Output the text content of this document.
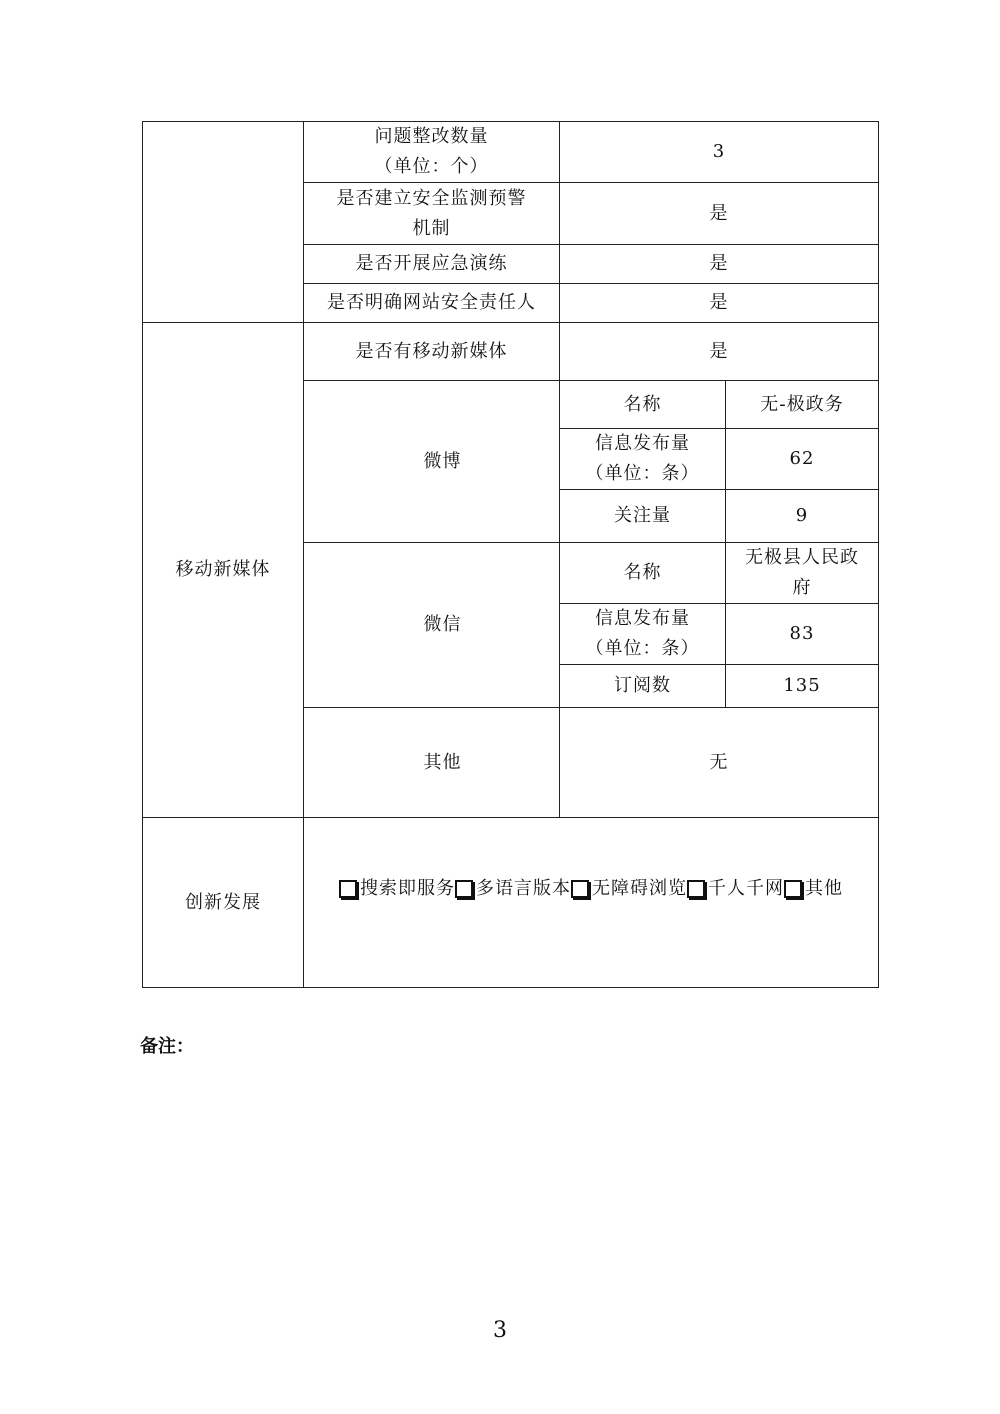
	问题整改数量
（单位：个）	3	

	是否建立安全监测预警
机制	是	
	是否开展应急演练	是	
	是否明确网站安全责任人	是	
移动新媒体	是否有移动新媒体	是	
	微博	名称	无-极政务

		信息发布量
（单位：条）	62
		关注量	9
	微信	名称	无极县人民政
府

		信息发布量
（单位：条）	83
		订阅数	135
	其他	无	
创新发展	搜索即服务 多语言版本 无障碍浏览 千人千网 其他		
备注：
3
